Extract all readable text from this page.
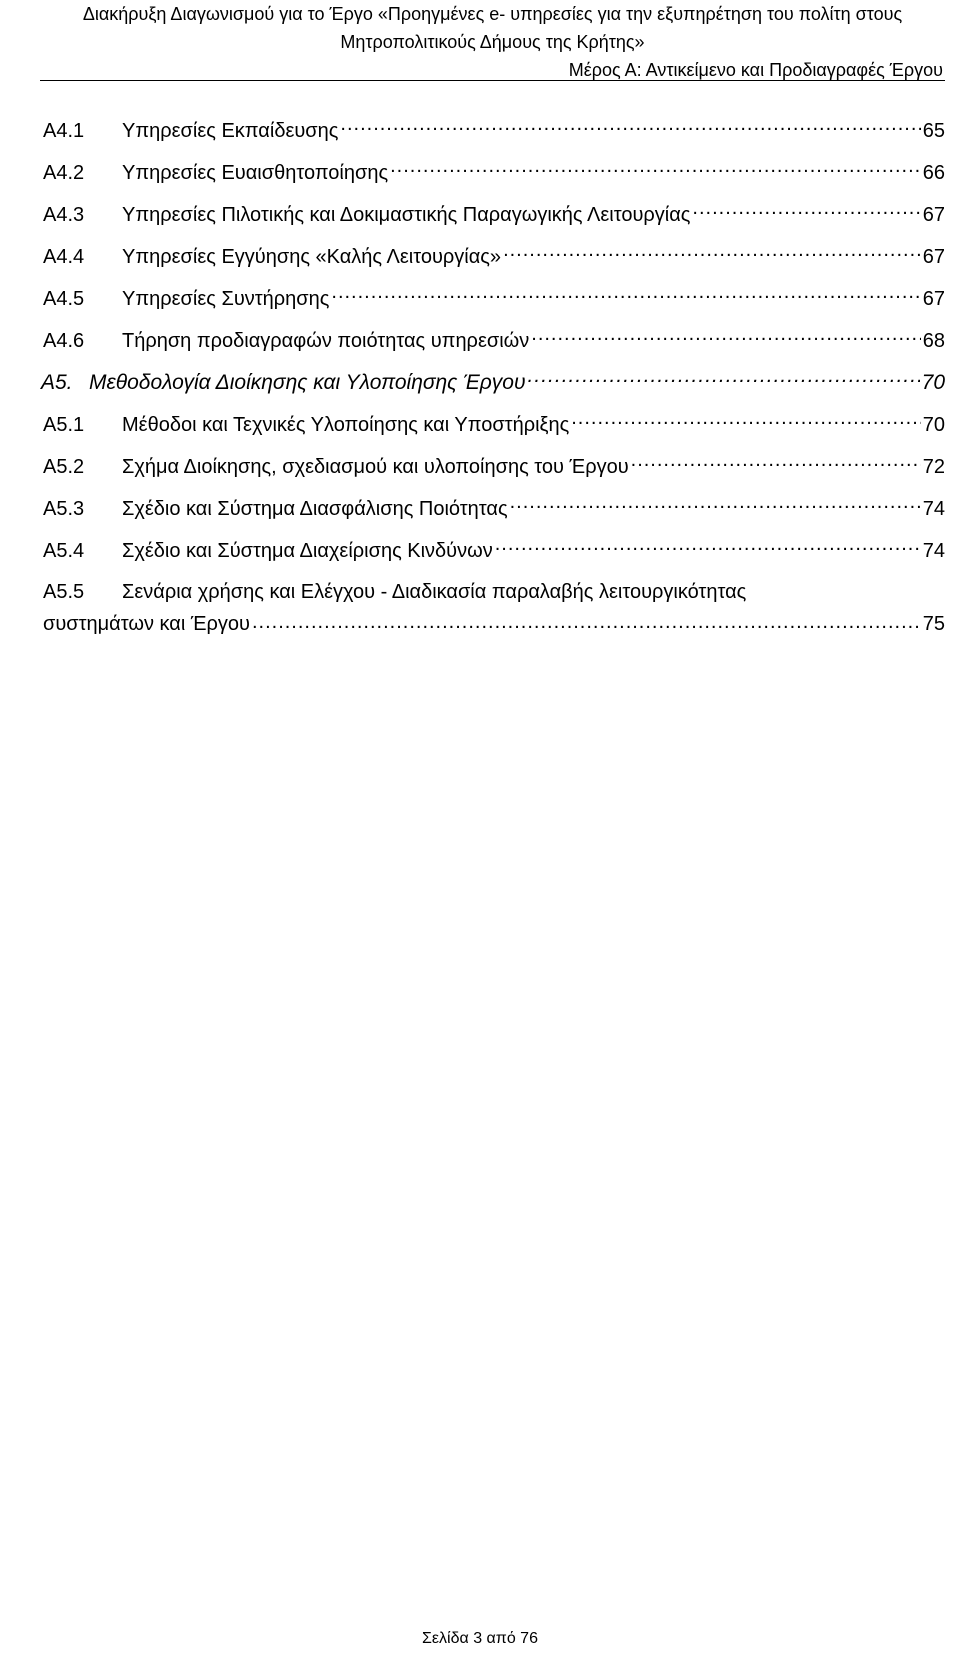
Διακήρυξη Διαγωνισμού για το Έργο «Προηγμένες e- υπηρεσίες για την εξυπηρέτηση του πολίτη στους
Μητροπολιτικούς Δήμους της Κρήτης»
Μέρος Α: Αντικείμενο και Προδιαγραφές Έργου
A4.1	Υπηρεσίες Εκπαίδευσης .....	65
A4.2	Υπηρεσίες Ευαισθητοποίησης .....	66
A4.3	Υπηρεσίες Πιλοτικής και Δοκιμαστικής Παραγωγικής Λειτουργίας .....	67
A4.4	Υπηρεσίες Εγγύησης «Καλής Λειτουργίας» .....	67
A4.5	Υπηρεσίες Συντήρησης .....	67
A4.6	Τήρηση προδιαγραφών ποιότητας υπηρεσιών .....	68
A5. Μεθοδολογία Διοίκησης και Υλοποίησης Έργου .....	70
A5.1	Μέθοδοι και Τεχνικές Υλοποίησης και Υποστήριξης .....	70
A5.2	Σχήμα Διοίκησης, σχεδιασμού και υλοποίησης του Έργου .....	72
A5.3	Σχέδιο και Σύστημα Διασφάλισης Ποιότητας .....	74
A5.4	Σχέδιο και Σύστημα Διαχείρισης Κινδύνων .....	74
A5.5 Σενάρια χρήσης και Ελέγχου - Διαδικασία παραλαβής λειτουργικότητας
συστημάτων και Έργου .....	75
Σελίδα 3 από 76
